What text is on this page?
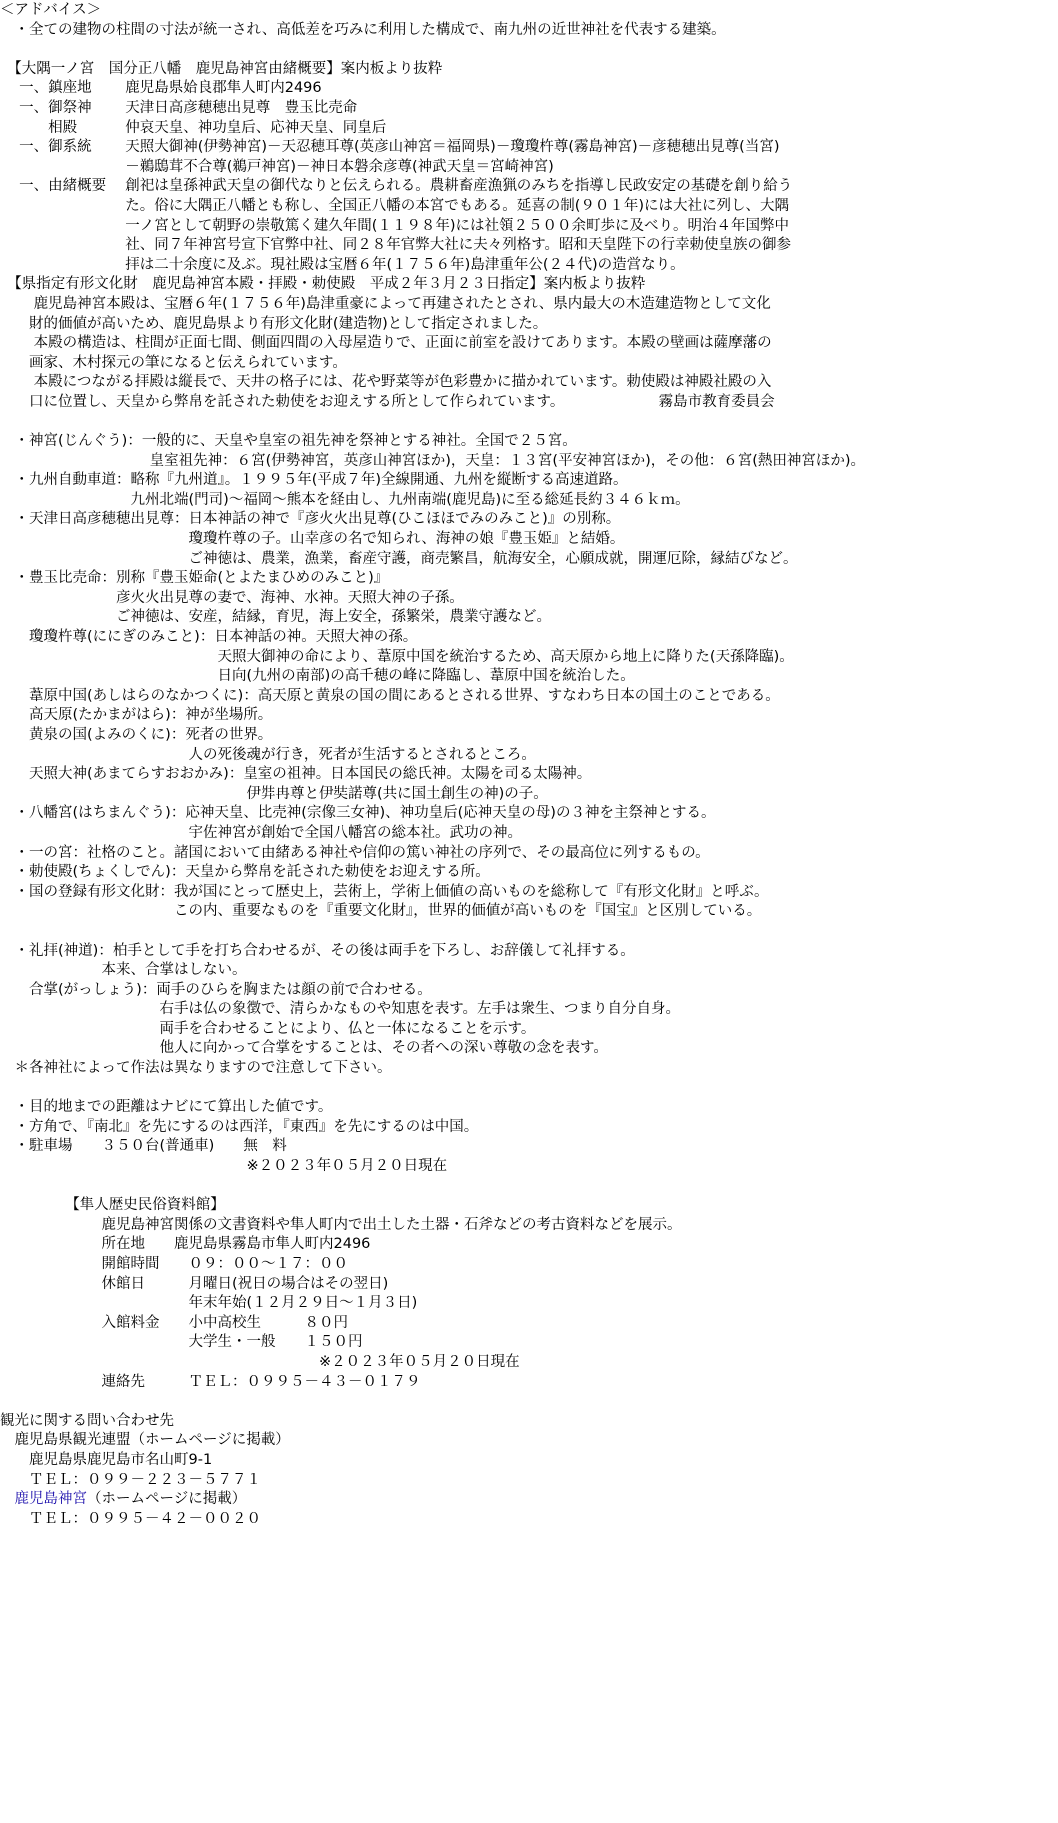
＜アドバイス＞
　・全ての建物の柱間の寸法が統一され、高低差を巧みに利用した構成で、南九州の近世神社を代表する建築。
　【大隅一ノ宮　国分正八幡　鹿児島神宮由緒概要】案内板より抜粋
　 一、鎮座地　　 鹿児島県姶良郡隼人町内2496
　 一、御祭神　　 天津日高彦穂穂出見尊　豊玉比売命
　 　　相殿　　　 仲哀天皇、神功皇后、応神天皇、同皇后
　 一、御系統　　 天照大御神(伊勢神宮)－天忍穂耳尊(英彦山神宮＝福岡県)－瓊瓊杵尊(霧島神宮)－彦穂穂出見尊(当宮)
　 　　　　　　　 －鵜鴟茸不合尊(鵜戸神宮)－神日本磐余彦尊(神武天皇＝宮崎神宮)
　 一、由緒概要　 創祀は皇孫神武天皇の御代なりと伝えられる。農耕畜産漁猟のみちを指導し民政安定の基礎を創り給う
　 　　　　　　　 た。俗に大隅正八幡とも称し、全国正八幡の本宮でもある。延喜の制(９０１年)には大社に列し、大隅
　 　　　　　　　 一ノ宮として朝野の崇敬篤く建久年間(１１９８年)には社領２５００余町歩に及べり。明治４年国弊中
　 　　　　　　　 社、同７年神宮号宣下官弊中社、同２８年官弊大社に夫々列格す。昭和天皇陛下の行幸勅使皇族の御参
　 　　　　　　　 拝は二十余度に及ぶ。現社殿は宝暦６年(１７５６年)島津重年公(２４代)の造営なり。
　【県指定有形文化財　鹿児島神宮本殿・拝殿・勅使殿　平成２年３月２３日指定】案内板より抜粋
　　 鹿児島神宮本殿は、宝暦６年(１７５６年)島津重豪によって再建されたとされ、県内最大の木造建造物として文化
　　財的価値が高いため、鹿児島県より有形文化財(建造物)として指定されました。
　　 本殿の構造は、柱間が正面七間、側面四間の入母屋造りで、正面に前室を設けてあります。本殿の壁画は薩摩藩の
　　画家、木村探元の筆になると伝えられています。
　　 本殿につながる拝殿は縦長で、天井の格子には、花や野菜等が色彩豊かに描かれています。勅使殿は神殿社殿の入
　　口に位置し、天皇から弊帛を託された勅使をお迎えする所として作られています。　　　　　　　霧島市教育委員会
　・神宮(じんぐう)：一般的に、天皇や皇室の祖先神を祭神とする神社。全国で２５宮。
　　　　　　　　　　 皇室祖先神：６宮(伊勢神宮，英彦山神宮ほか)，天皇：１３宮(平安神宮ほか)，その他：６宮(熱田神宮ほか)。
　・九州自動車道：略称『九州道』。１９９５年(平成７年)全線開通、九州を縦断する高速道路。
　　　　　　　　　九州北端(門司)～福岡～熊本を経由し、九州南端(鹿児島)に至る総延長約３４６ｋｍ。
　・天津日高彦穂穂出見尊：日本神話の神で『彦火火出見尊(ひこほほでみのみこと)』の別称。
　　　　　　　　　　　　　瓊瓊杵尊の子。山幸彦の名で知られ、海神の娘『豊玉姫』と結婚。
　　　　　　　　　　　　　ご神徳は、農業，漁業，畜産守護，商売繁昌，航海安全，心願成就，開運厄除，縁結びなど。
　・豊玉比売命：別称『豊玉姫命(とよたまひめのみこと)』
　　　　　　　　彦火火出見尊の妻で、海神、水神。天照大神の子孫。
　　　　　　　　ご神徳は、安産，結縁，育児，海上安全，孫繁栄，農業守護など。
　　瓊瓊杵尊(ににぎのみこと)：日本神話の神。天照大神の孫。
　　　　　　　　　　　　　　　天照大御神の命により、葦原中国を統治するため、高天原から地上に降りた(天孫降臨)。
　　　　　　　　　　　　　　　日向(九州の南部)の高千穂の峰に降臨し、葦原中国を統治した。
　　葦原中国(あしはらのなかつくに)：高天原と黄泉の国の間にあるとされる世界、すなわち日本の国土のことである。
　　高天原(たかまがはら)：神が坐場所。
　　黄泉の国(よみのくに)：死者の世界。
　　　　　　　　　　　　　人の死後魂が行き，死者が生活するとされるところ。
　　天照大神(あまてらすおおかみ)：皇室の祖神。日本国民の総氏神。太陽を司る太陽神。
　　　　　　　　　　　　　　　　　伊弉冉尊と伊奘諾尊(共に国土創生の神)の子。
　・八幡宮(はちまんぐう)：応神天皇、比売神(宗像三女神)、神功皇后(応神天皇の母)の３神を主祭神とする。
　　　　　　　　　　　　　宇佐神宮が創始で全国八幡宮の総本社。武功の神。
　・一の宮：社格のこと。諸国において由緒ある神社や信仰の篤い神社の序列で、その最高位に列するもの。
　・勅使殿(ちょくしでん)：天皇から弊帛を託された勅使をお迎えする所。
　・国の登録有形文化財：我が国にとって歴史上，芸術上，学術上価値の高いものを総称して『有形文化財』と呼ぶ。
　　　　　　　　　　　　この内、重要なものを『重要文化財』，世界的価値が高いものを『国宝』と区別している。
　・礼拝(神道)：柏手として手を打ち合わせるが、その後は両手を下ろし、お辞儀して礼拝する。
　　　　　　　本来、合掌はしない。
　　合掌(がっしょう)：両手のひらを胸または顔の前で合わせる。
　　　　　　　　　　　右手は仏の象徴で、清らかなものや知恵を表す。左手は衆生、つまり自分自身。
　　　　　　　　　　　両手を合わせることにより、仏と一体になることを示す。
　　　　　　　　　　　他人に向かって合掌をすることは、その者への深い尊敬の念を表す。
　＊各神社によって作法は異なりますので注意して下さい。
　・目的地までの距離はナビにて算出した値です。
　・方角で、『南北』を先にするのは西洋，『東西』を先にするのは中国。
　・駐車場　　３５０台(普通車)　　無　料
　　　　　　　　　　　　　　　　　※２０２３年０５月２０日現在
　　　　　【隼人歴史民俗資料館】
　　　　　　　鹿児島神宮関係の文書資料や隼人町内で出土した土器・石斧などの考古資料などを展示。
　　　　　　　所在地　　鹿児島県霧島市隼人町内2496
　　　　　　　開館時間　　０９：００～１７：００
　　　　　　　休館日　　　月曜日(祝日の場合はその翌日)
　　　　　　　　　　　　　年末年始(１２月２９日～１月３日)
　　　　　　　入館料金　　小中高校生　　　８０円
　　　　　　　　　　　　　大学生・一般　　１５０円
　　　　　　　　　　　　　　　　　　　　　　※２０２３年０５月２０日現在
　　　　　　　連絡先　　　ＴＥＬ：０９９５－４３－０１７９
観光に関する問い合わせ先
　鹿児島県観光連盟（ホームページに掲載）
　　鹿児島県鹿児島市名山町9-1
　　ＴＥＬ：０９９－２２３－５７７１
　鹿児島神宮（ホームページに掲載）
　　ＴＥＬ：０９９５－４２－００２０
